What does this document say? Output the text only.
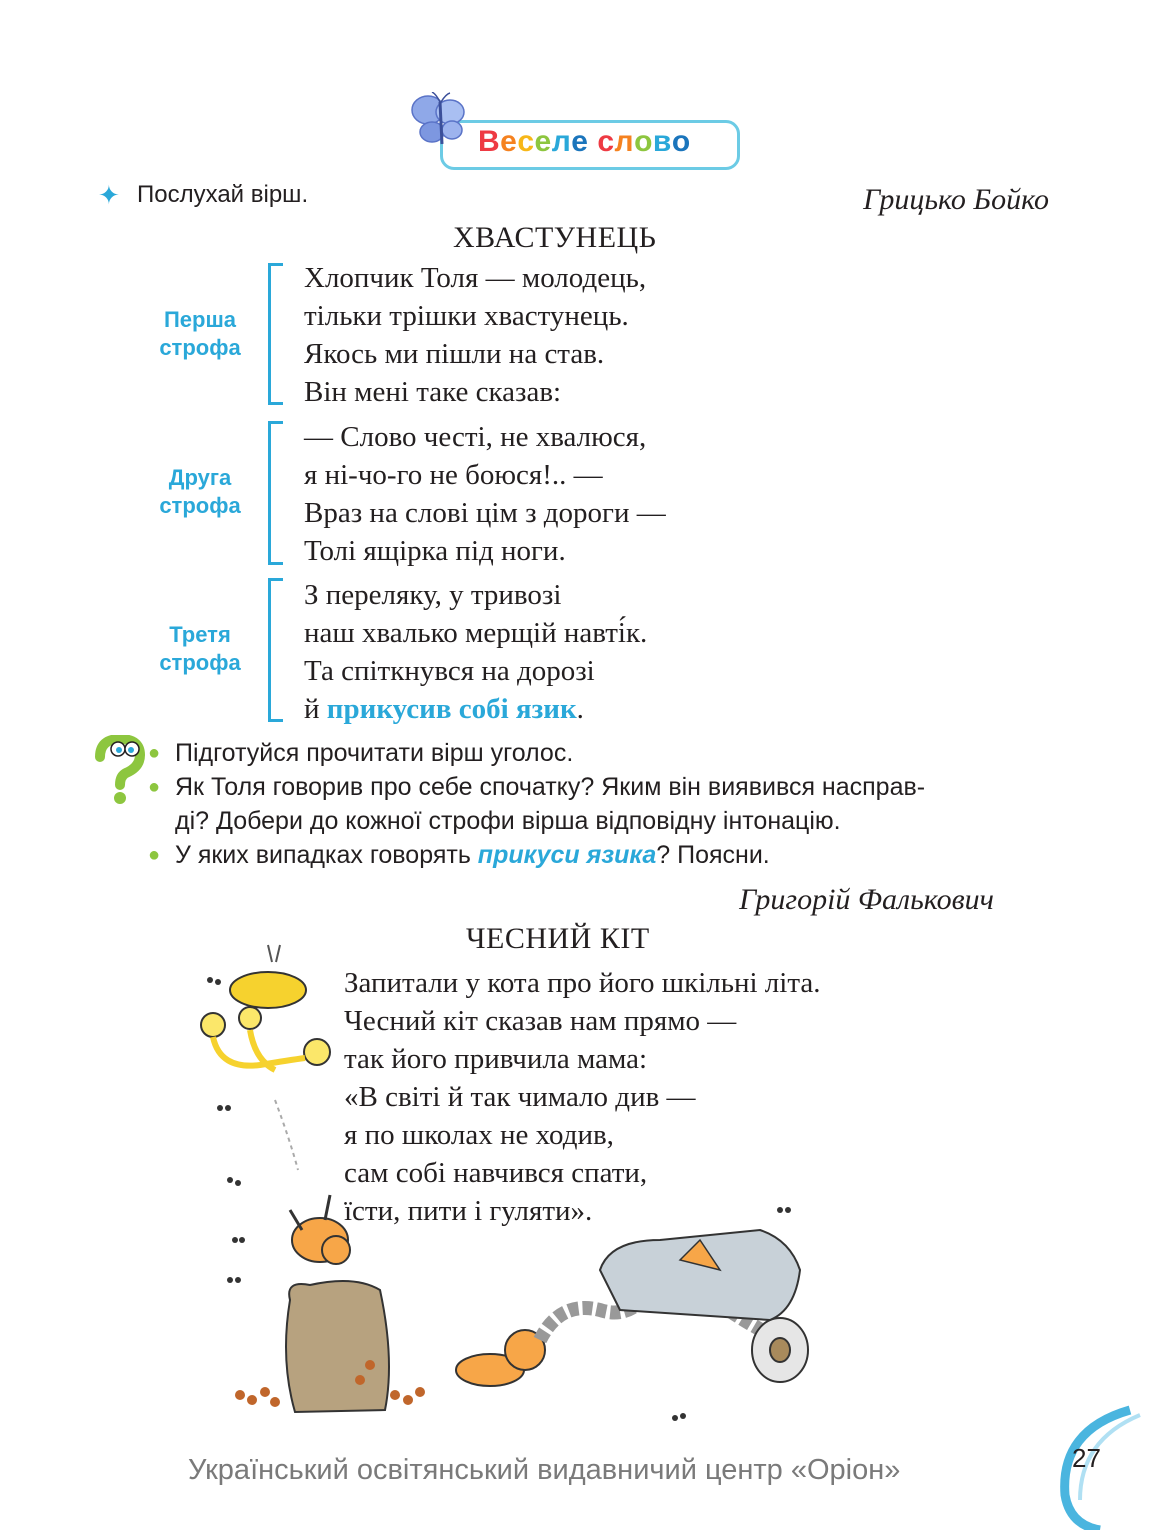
Веселе слово
✦ Послухай вірш.	Грицько Бойко
ХВАСТУНЕЦЬ
Перша
строфа
Хлопчик Толя — молодець,
тільки трішки хвастунець.
Якось ми пішли на став.
Він мені таке сказав:
Друга
строфа
— Слово честі, не хвалюся,
я ні-чо-го не боюся!.. —
Враз на слові цім з дороги —
Толі ящірка під ноги.
Третя
строфа
З переляку, у тривозі
наш хвалько мерщій навті́к.
Та спіткнувся на дорозі
й прикусив собі язик.
● Підготуйся прочитати вірш уголос.
● Як Толя говорив про себе спочатку? Яким він виявився насправ-
ді? Добери до кожної строфи вірша відповідну інтонацію.
● У яких випадках говорять прикуси язика? Поясни.
Григорій Фалькович
ЧЕСНИЙ КІТ
Запитали у кота про його шкільні літа.
Чесний кіт сказав нам прямо —
так його привчила мама:
«В світі й так чимало див —
я по школах не ходив,
сам собі навчився спати,
їсти, пити і гуляти».
Український освітянський видавничий центр «Оріон»	27
